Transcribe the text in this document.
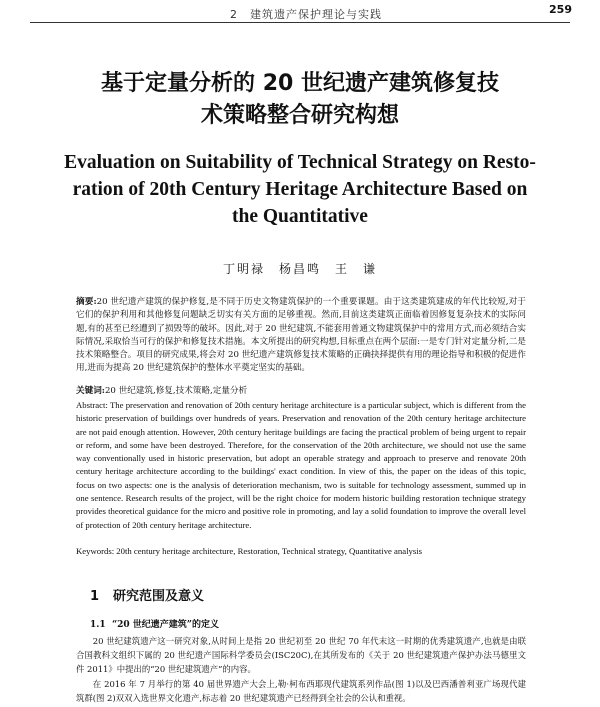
2　建筑遗产保护理论与实践	259
基于定量分析的 20 世纪遗产建筑修复技
术策略整合研究构想
Evaluation on Suitability of Technical Strategy on Resto-
ration of 20th Century Heritage Architecture Based on
the Quantitative
丁明禄　杨昌鸣　王　谦
摘要:20 世纪遗产建筑的保护修复,是不同于历史文物建筑保护的一个重要课题。由于这类建筑建成的年代比较短,对于它们的保护利用和其他修复问题缺乏切实有关方面的足够重视。然而,目前这类建筑正面临着因修复复杂技术的实际问题,有的甚至已经遭到了损毁等的破坏。因此,对于 20 世纪建筑,不能套用普通文物建筑保护中的常用方式,而必须结合实际情况,采取恰当可行的保护和修复技术措施。本文所提出的研究构想,目标重点在两个层面:一是专门针对定量分析,二是技术策略整合。项目的研究成果,将会对 20 世纪遗产建筑修复技术策略的正确抉择提供有用的理论指导和积极的促进作用,进而为提高 20 世纪建筑保护的整体水平奠定坚实的基础。
关键词:20 世纪建筑,修复,技术策略,定量分析
Abstract: The preservation and renovation of 20th century heritage architecture is a particular subject, which is different from the historic preservation of buildings over hundreds of years. Preservation and renovation of the 20th century heritage architecture are not paid enough attention. However, 20th century heritage buildings are facing the practical problem of being urgent to repair or reform, and some have been destroyed. Therefore, for the conservation of the 20th architecture, we should not use the same way conventionally used in historic preservation, but adopt an operable strategy and approach to preserve and renovate 20th century heritage architecture according to the buildings' exact condition. In view of this, the paper on the ideas of this topic, focus on two aspects: one is the analysis of deterioration mechanism, two is suitable for technology assessment, summed up in one sentence. Research results of the project, will be the right choice for modern historic building restoration technique strategy provides theoretical guidance for the micro and positive role in promoting, and lay a solid foundation to improve the overall level of protection of 20th century heritage architecture.
Keywords: 20th century heritage architecture, Restoration, Technical strategy, Quantitative analysis
1 研究范围及意义
1.1 “20 世纪遗产建筑”的定义
20 世纪建筑遗产这一研究对象,从时间上是指 20 世纪初至 20 世纪 70 年代末这一时期的优秀建筑遗产,也就是由联合国教科文组织下属的 20 世纪遗产国际科学委员会(ISC20C),在其所发布的《关于 20 世纪建筑遗产保护办法马德里文件 2011》中提出的“20 世纪建筑遗产”的内容。
在 2016 年 7 月举行的第 40 届世界遗产大会上,勒·柯布西耶现代建筑系列作品(图 1)以及巴西潘普利亚广场现代建筑群(图 2)双双入选世界文化遗产,标志着 20 世纪建筑遗产已经得到全社会的公认和重视。
